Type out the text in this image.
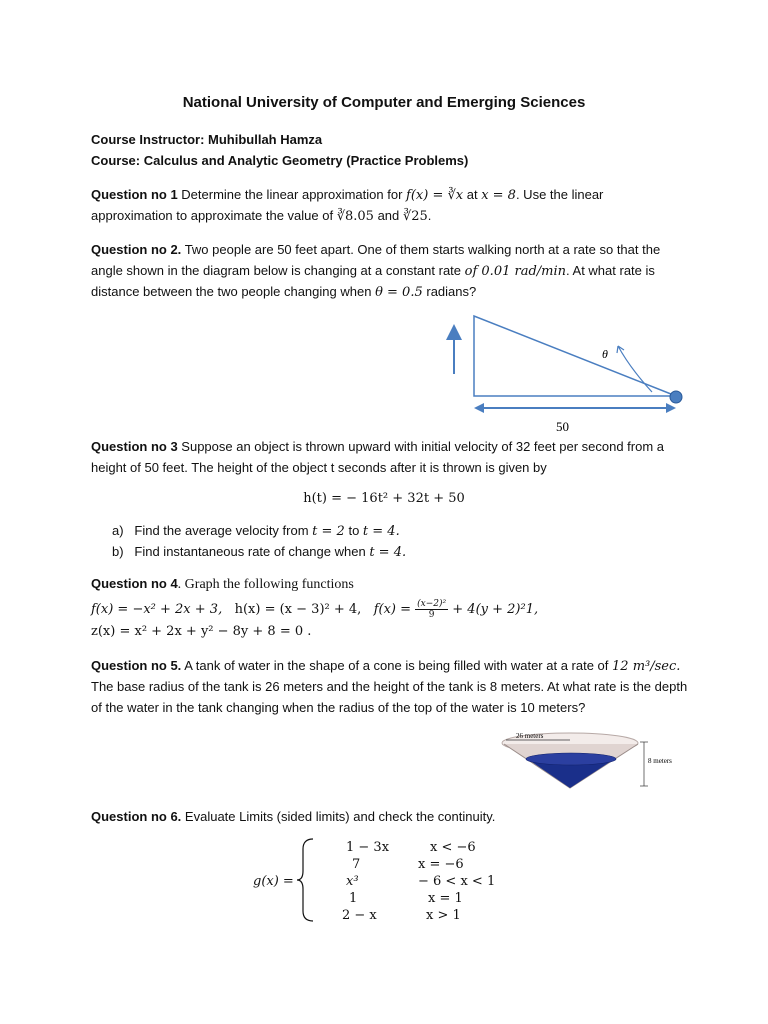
National University of Computer and Emerging Sciences
Course Instructor: Muhibullah Hamza
Course: Calculus and Analytic Geometry (Practice Problems)
Question no 1 Determine the linear approximation for f(x) = ∛x at x = 8. Use the linear
approximation to approximate the value of ∛8.05 and ∛25.
Question no 2. Two people are 50 feet apart. One of them starts walking north at a rate so that the
angle shown in the diagram below is changing at a constant rate of 0.01 rad/min. At what rate is
distance between the two people changing when θ = 0.5 radians?
θ
50
Question no 3 Suppose an object is thrown upward with initial velocity of 32 feet per second from a
height of 50 feet. The height of the object t seconds after it is thrown is given by
h(t) = − 16t² + 32t + 50
a) Find the average velocity from t = 2 to t = 4.
b) Find instantaneous rate of change when t = 4.
Question no 4. Graph the following functions
f(x) = −x² + 2x + 3, h(x) = (x − 3)² + 4, $f(x) = \frac{\text{(x−2)²}}{9} + 4(y + 2)^21$,
z(x) = x² + 2x + y² − 8y + 8 = 0 .
Question no 5. A tank of water in the shape of a cone is being filled with water at a rate of 12 m³/sec.
The base radius of the tank is 26 meters and the height of the tank is 8 meters. At what rate is the depth
of the water in the tank changing when the radius of the top of the water is 10 meters?
26 meters
8 meters
Question no 6. Evaluate Limits (sided limits) and check the continuity.
g(x) =
1 − 3x	x < −6
7	x = −6
x³	− 6 < x < 1
1	x = 1
2 − x	x > 1
